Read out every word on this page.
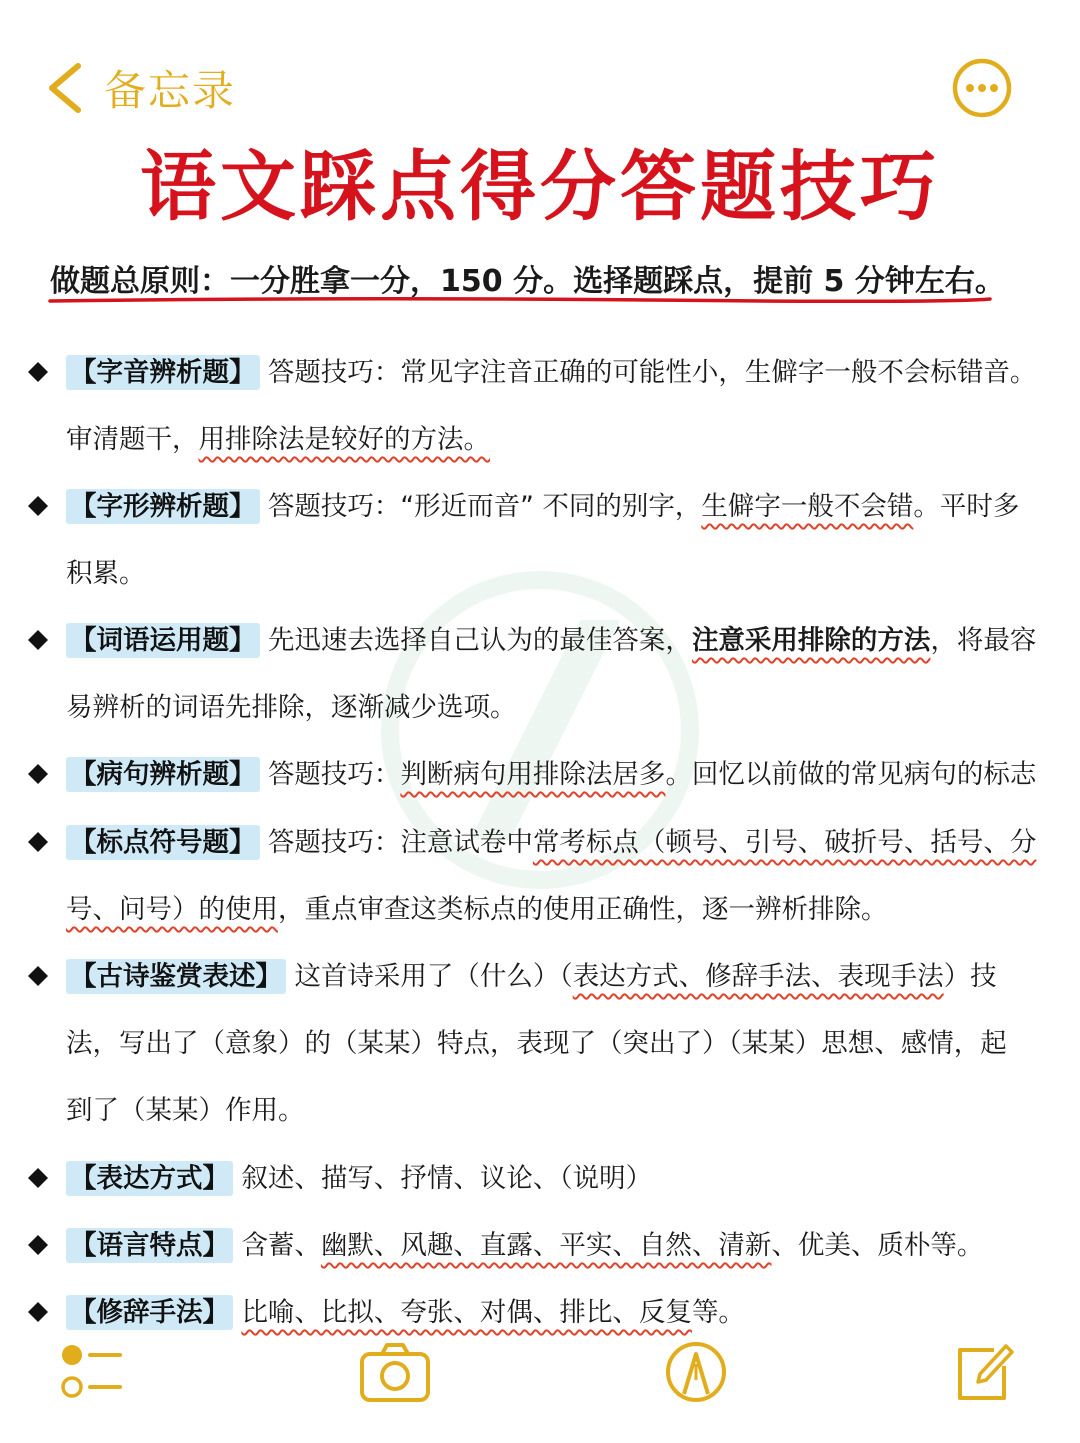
备忘录
语文踩点得分答题技巧
做题总原则：一分胜拿一分，150 分。选择题踩点，提前 5 分钟左右。
【字音辨析题】 答题技巧：常见字注音正确的可能性小，生僻字一般不会标错音。
审清题干，用排除法是较好的方法。
【字形辨析题】 答题技巧：“形近而音” 不同的别字，生僻字一般不会错。平时多
积累。
【词语运用题】 先迅速去选择自己认为的最佳答案，注意采用排除的方法，将最容
易辨析的词语先排除，逐渐减少选项。
【病句辨析题】 答题技巧：判断病句用排除法居多。回忆以前做的常见病句的标志
【标点符号题】 答题技巧：注意试卷中常考标点（顿号、引号、破折号、括号、分
号、问号）的使用，重点审查这类标点的使用正确性，逐一辨析排除。
【古诗鉴赏表述】 这首诗采用了（什么）（表达方式、修辞手法、表现手法）技
法，写出了（意象）的（某某）特点，表现了（突出了）（某某）思想、感情，起
到了（某某）作用。
【表达方式】 叙述、描写、抒情、议论、（说明）
【语言特点】 含蓄、幽默、风趣、直露、平实、自然、清新、优美、质朴等。
【修辞手法】 比喻、比拟、夸张、对偶、排比、反复等。
